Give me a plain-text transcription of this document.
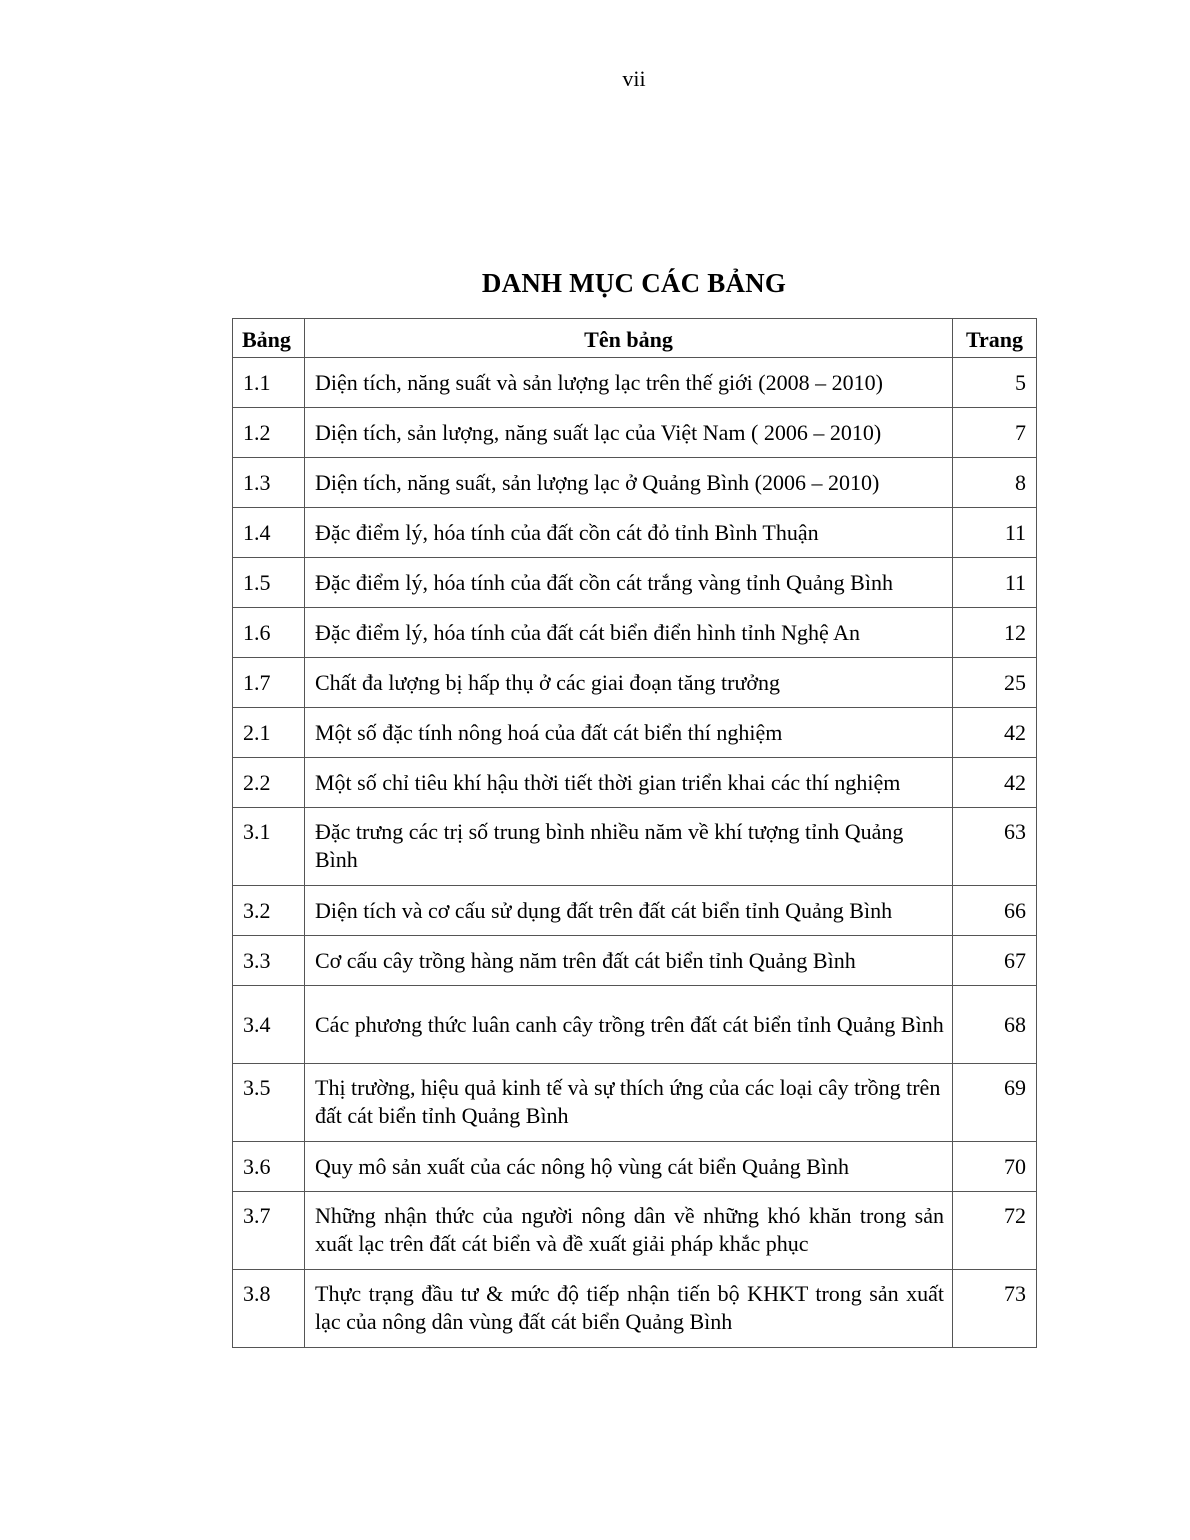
vii
DANH MỤC CÁC BẢNG
Bảng	Tên bảng	Trang
1.1	Diện tích, năng suất và sản lượng lạc trên thế giới (2008 – 2010)	5
1.2	Diện tích, sản lượng, năng suất lạc của Việt Nam ( 2006 – 2010)	7
1.3	Diện tích, năng suất, sản lượng lạc ở Quảng Bình (2006 – 2010)	8
1.4	Đặc điểm lý, hóa tính của đất cồn cát đỏ tỉnh Bình Thuận	11
1.5	Đặc điểm lý, hóa tính của đất cồn cát trắng vàng tỉnh Quảng Bình	11
1.6	Đặc điểm lý, hóa tính của đất cát biển điển hình tỉnh Nghệ An	12
1.7	Chất đa lượng bị hấp thụ ở các giai đoạn tăng trưởng	25
2.1	Một số đặc tính nông hoá của đất cát biển thí nghiệm	42
2.2	Một số chỉ tiêu khí hậu thời tiết thời gian triển khai các thí nghiệm	42
3.1	Đặc trưng các trị số trung bình nhiều năm về khí tượng tỉnh Quảng Bình	63
3.2	Diện tích và cơ cấu sử dụng đất trên đất cát biển tỉnh Quảng Bình	66
3.3	Cơ cấu cây trồng hàng năm trên đất cát biển tỉnh Quảng Bình	67
3.4	Các phương thức luân canh cây trồng trên đất cát biển tỉnh Quảng Bình	68
3.5	Thị trường, hiệu quả kinh tế và sự thích ứng của các loại cây trồng trên đất cát biển tỉnh Quảng Bình	69
3.6	Quy mô sản xuất của các nông hộ vùng cát biển Quảng Bình	70
3.7	Những nhận thức của người nông dân về những khó khăn trong sản xuất lạc trên đất cát biển và đề xuất giải pháp khắc phục	72
3.8	Thực trạng đầu tư & mức độ tiếp nhận tiến bộ KHKT trong sản xuất lạc của nông dân vùng đất cát biển Quảng Bình	73
